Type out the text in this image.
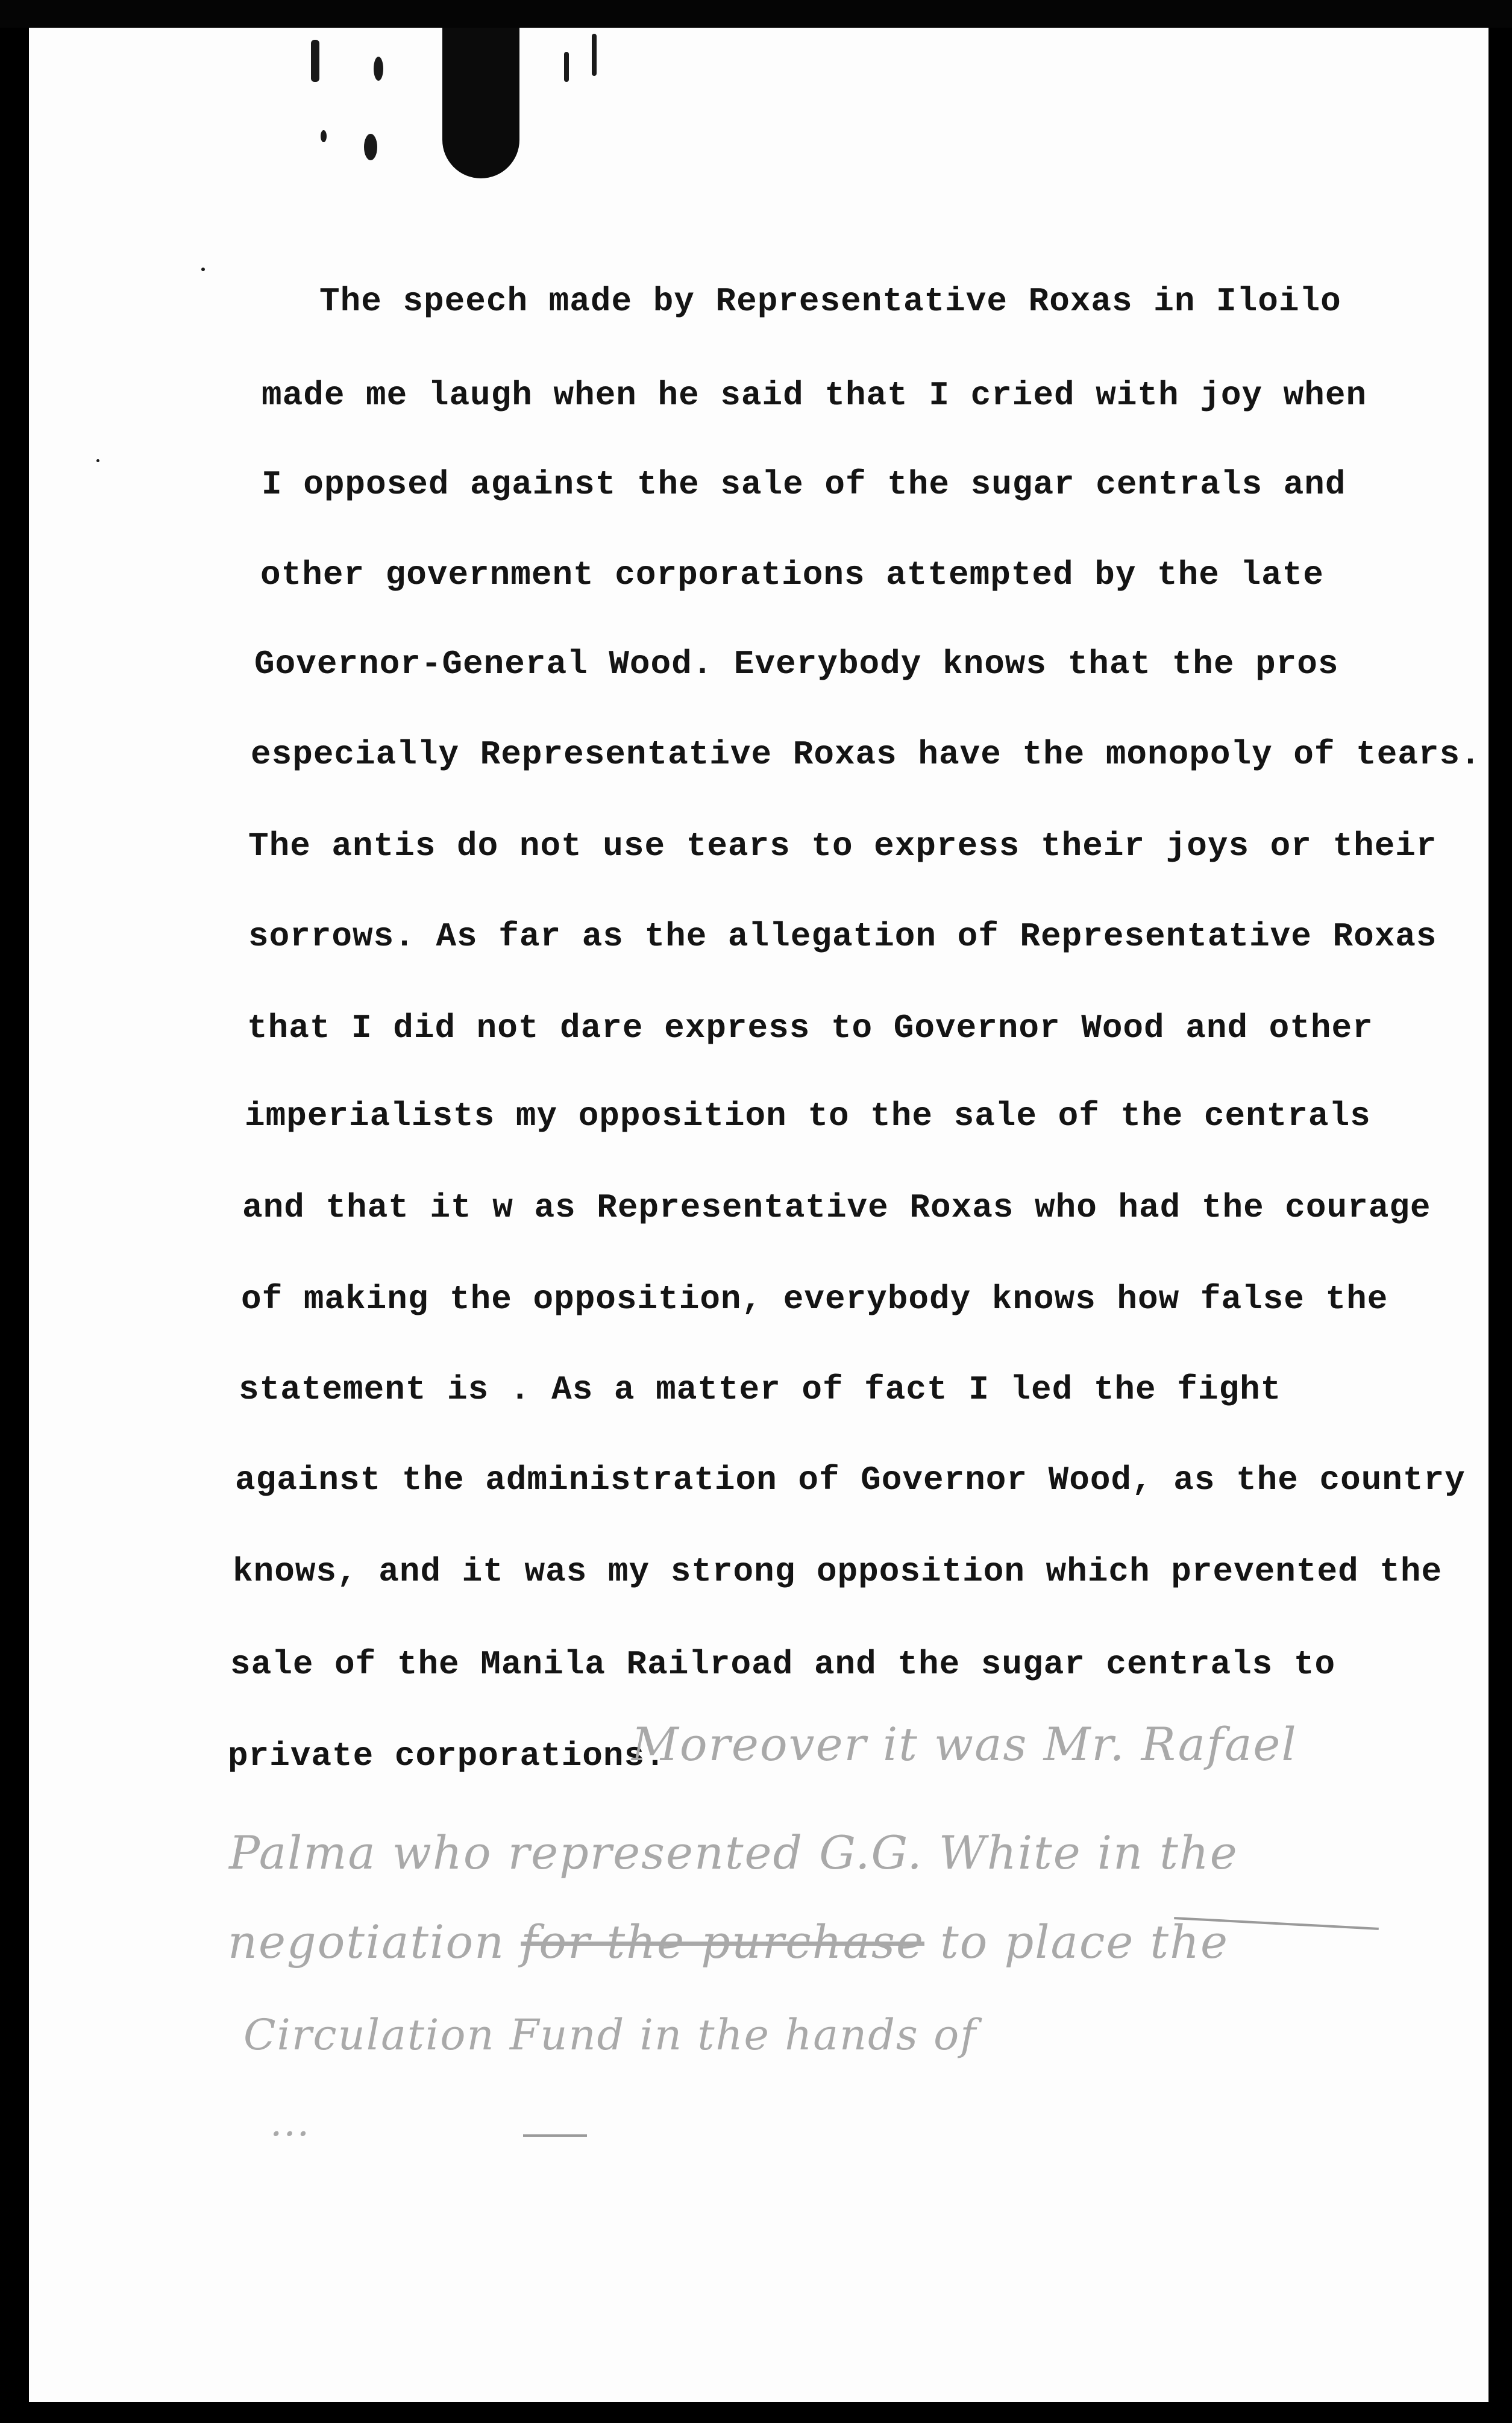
The speech made by Representative Roxas in Iloilo

made me laugh when he said that I cried with joy when

I opposed against the sale of the sugar centrals and

other government corporations attempted by the late

Governor-General Wood. Everybody knows that the pros

especially Representative Roxas have the monopoly of tears.

The antis do not use tears to express their joys or their

sorrows. As far as the allegation of Representative Roxas

that I did not dare express to Governor Wood and other

imperialists my opposition to the sale of the centrals

and that it w as Representative Roxas who had the courage

of making the opposition, everybody knows how false the

statement is . As a matter of fact I led the fight

against the administration of Governor Wood, as the country

knows, and it was my strong opposition which prevented the

sale of the Manila Railroad and the sugar centrals to

private corporations.

Moreover it was Mr. Rafael

Palma who represented G.G. White in the

negotiation for the purchase to place the

Circulation Fund in the hands of

...
